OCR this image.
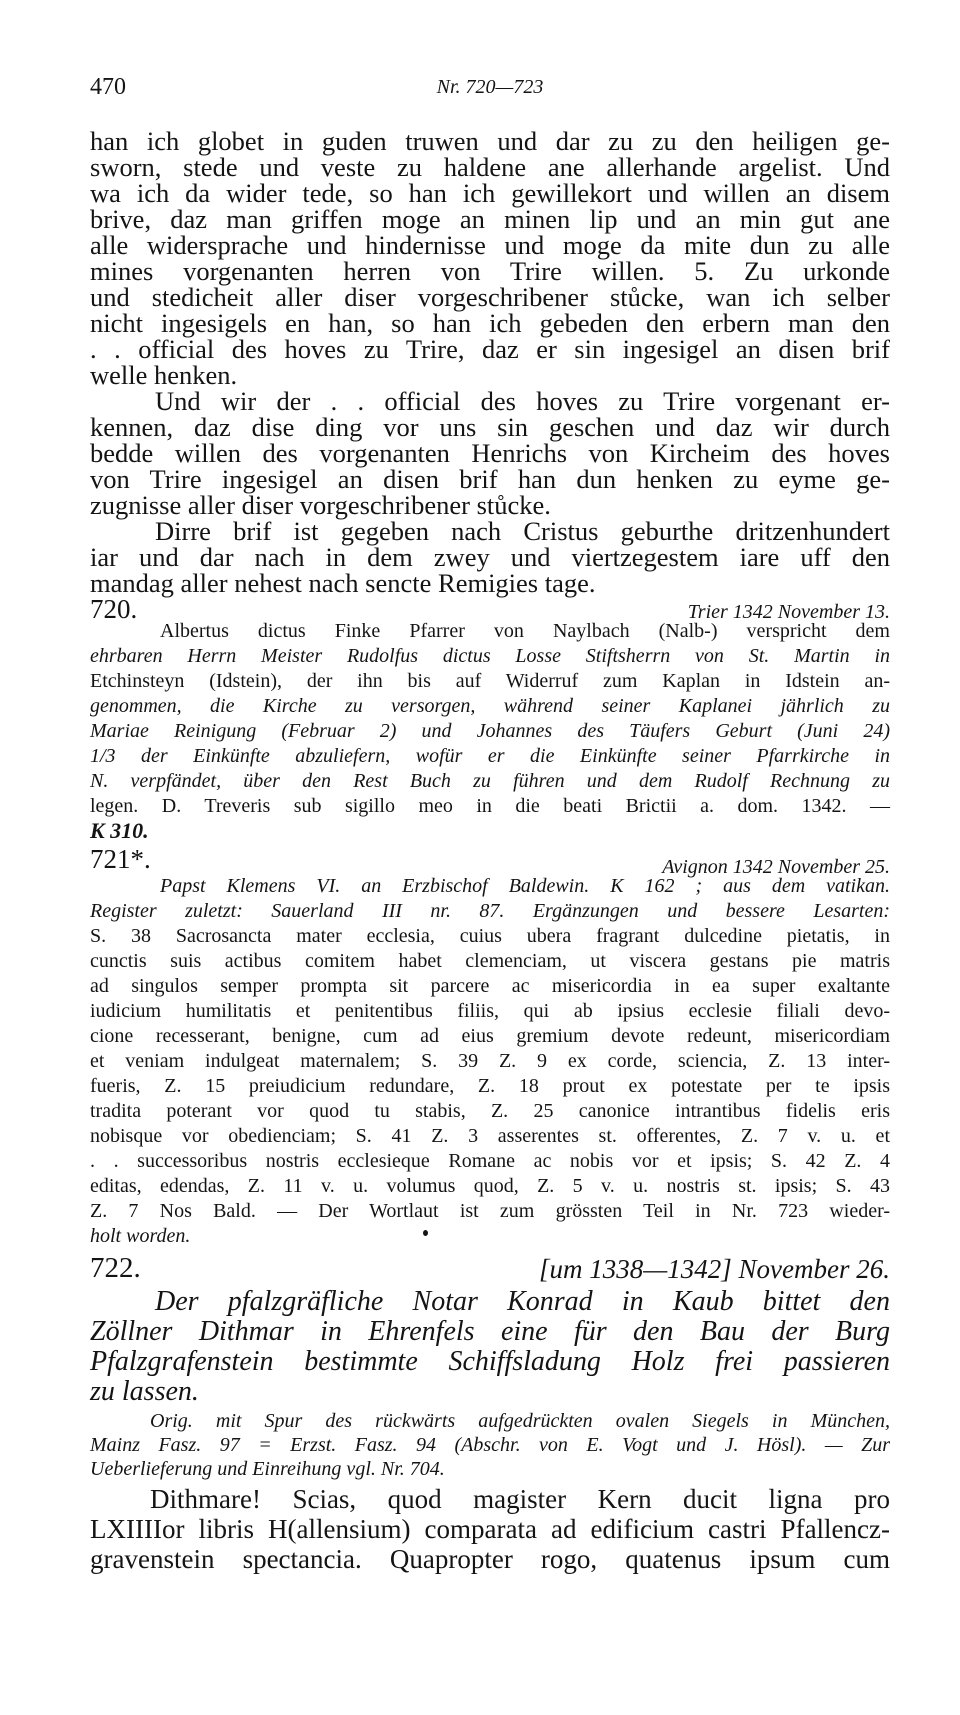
470	Nr. 720—723
han ich globet in guden truwen und dar zu zu den heiligen ge-
sworn, stede und veste zu haldene ane allerhande argelist. Und
wa ich da wider tede, so han ich gewillekort und willen an disem
brive, daz man griffen moge an minen lip und an min gut ane
alle widersprache und hindernisse und moge da mite dun zu alle
mines vorgenanten herren von Trire willen. 5. Zu urkonde
und stedicheit aller diser vorgeschribener stůcke, wan ich selber
nicht ingesigels en han, so han ich gebeden den erbern man den
. . official des hoves zu Trire, daz er sin ingesigel an disen brif
welle henken.
Und wir der . . official des hoves zu Trire vorgenant er-
kennen, daz dise ding vor uns sin geschen und daz wir durch
bedde willen des vorgenanten Henrichs von Kircheim des hoves
von Trire ingesigel an disen brif han dun henken zu eyme ge-
zugnisse aller diser vorgeschribener stůcke.
Dirre brif ist gegeben nach Cristus geburthe dritzenhundert
iar und dar nach in dem zwey und viertzegestem iare uff den
mandag aller nehest nach sencte Remigies tage.
720.	Trier 1342 November 13.
Albertus dictus Finke Pfarrer von Naylbach (Nalb-) verspricht dem
ehrbaren Herrn Meister Rudolfus dictus Losse Stiftsherrn von St. Martin in
Etchinsteyn (Idstein), der ihn bis auf Widerruf zum Kaplan in Idstein an-
genommen, die Kirche zu versorgen, während seiner Kaplanei jährlich zu
Mariae Reinigung (Februar 2) und Johannes des Täufers Geburt (Juni 24)
1/3 der Einkünfte abzuliefern, wofür er die Einkünfte seiner Pfarrkirche in
N. verpfändet, über den Rest Buch zu führen und dem Rudolf Rechnung zu
legen. D. Treveris sub sigillo meo in die beati Brictii a. dom. 1342. —
K 310.
721*.	Avignon 1342 November 25.
Papst Klemens VI. an Erzbischof Baldewin. K 162 ; aus dem vatikan.
Register zuletzt: Sauerland III nr. 87. Ergänzungen und bessere Lesarten:
S. 38 Sacrosancta mater ecclesia, cuius ubera fragrant dulcedine pietatis, in
cunctis suis actibus comitem habet clemenciam, ut viscera gestans pie matris
ad singulos semper prompta sit parcere ac misericordia in ea super exaltante
iudicium humilitatis et penitentibus filiis, qui ab ipsius ecclesie filiali devo-
cione recesserant, benigne, cum ad eius gremium devote redeunt, misericordiam
et veniam indulgeat maternalem; S. 39 Z. 9 ex corde, sciencia, Z. 13 inter-
fueris, Z. 15 preiudicium redundare, Z. 18 prout ex potestate per te ipsis
tradita poterant vor quod tu stabis, Z. 25 canonice intrantibus fidelis eris
nobisque vor obedienciam; S. 41 Z. 3 asserentes st. offerentes, Z. 7 v. u. et
. . successoribus nostris ecclesieque Romane ac nobis vor et ipsis; S. 42 Z. 4
editas, edendas, Z. 11 v. u. volumus quod, Z. 5 v. u. nostris st. ipsis; S. 43
Z. 7 Nos Bald. — Der Wortlaut ist zum grössten Teil in Nr. 723 wieder-
holt worden.
722.	[um 1338—1342] November 26.
Der pfalzgräfliche Notar Konrad in Kaub bittet den
Zöllner Dithmar in Ehrenfels eine für den Bau der Burg
Pfalzgrafenstein bestimmte Schiffsladung Holz frei passieren
zu lassen.
Orig. mit Spur des rückwärts aufgedrückten ovalen Siegels in München,
Mainz Fasz. 97 = Erzst. Fasz. 94 (Abschr. von E. Vogt und J. Hösl). — Zur
Ueberlieferung und Einreihung vgl. Nr. 704.
Dithmare! Scias, quod magister Kern ducit ligna pro
LXIIIIor libris H(allensium) comparata ad edificium castri Pfallencz-
gravenstein spectancia. Quapropter rogo, quatenus ipsum cum
